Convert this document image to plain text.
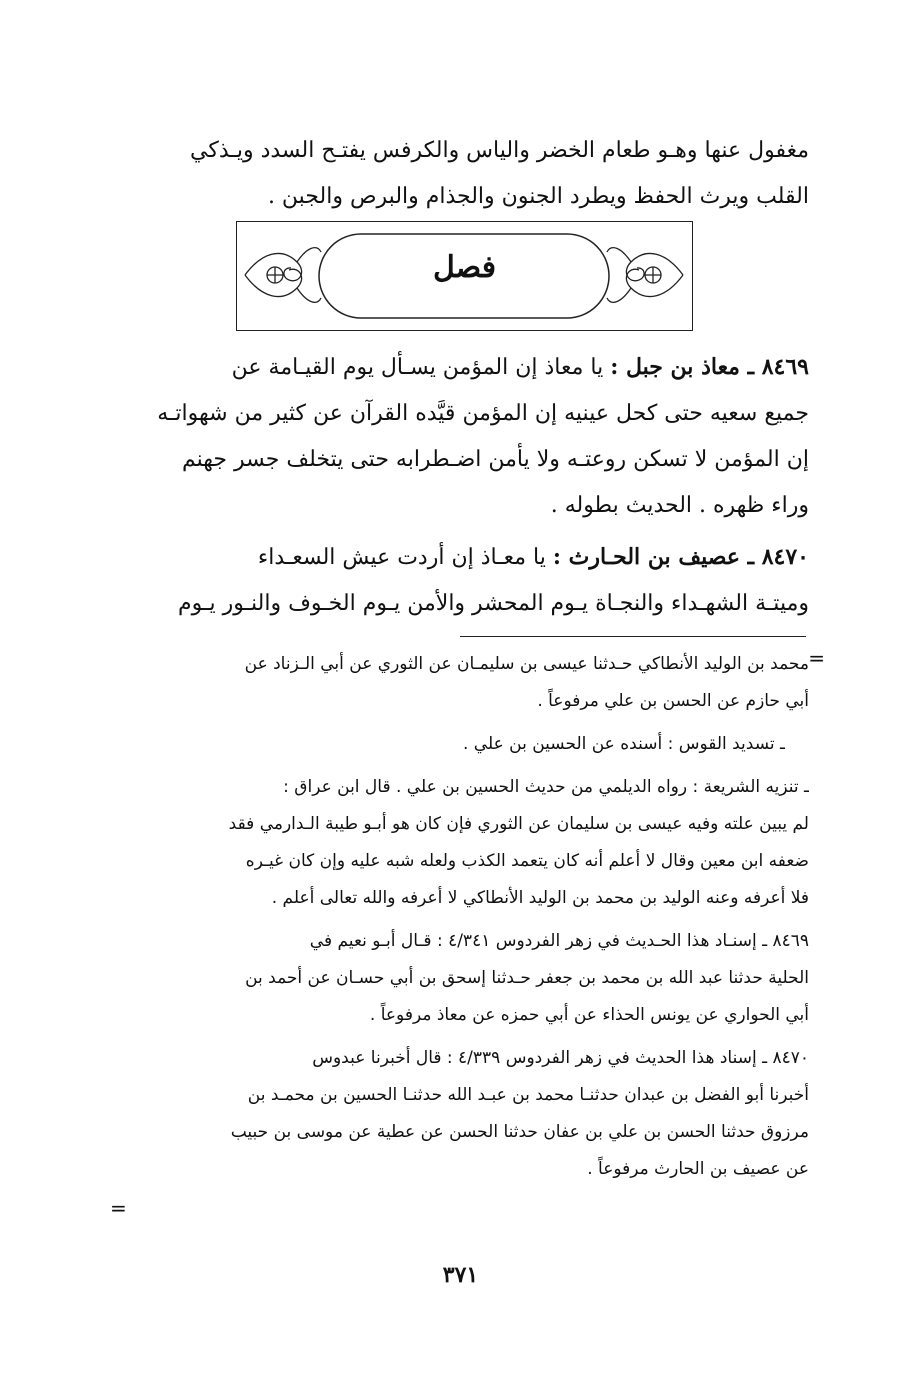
مغفول عنها وهـو طعام الخضر والياس والكرفس يفتـح السدد ويـذكي
القلب ويرث الحفظ ويطرد الجنون والجذام والبرص والجبن .
فصل
٨٤٦٩ ـ معاذ بن جبل : يا معاذ إن المؤمن يسـأل يوم القيـامة عن
جميع سعيه حتى كحل عينيه إن المؤمن قيَّده القرآن عن كثير من شهواتـه
إن المؤمن لا تسكن روعتـه ولا يأمن اضـطرابه حتى يتخلف جسر جهنم
وراء ظهره . الحديث بطوله .
٨٤٧٠ ـ عصيف بن الحـارث : يا معـاذ إن أردت عيش السعـداء
وميتـة الشهـداء والنجـاة يـوم المحشر والأمن يـوم الخـوف والنـور يـوم
=
محمد بن الوليد الأنطاكي حـدثنا عيسى بن سليمـان عن الثوري عن أبي الـزناد عن
أبي حازم عن الحسن بن علي مرفوعاً .
ـ تسديد القوس : أسنده عن الحسين بن علي .
ـ تنزيه الشريعة : رواه الديلمي من حديث الحسين بن علي . قال ابن عراق :
لم يبين علته وفيه عيسى بن سليمان عن الثوري فإن كان هو أبـو طيبة الـدارمي فقد
ضعفه ابن معين وقال لا أعلم أنه كان يتعمد الكذب ولعله شبه عليه وإن كان غيـره
فلا أعرفه وعنه الوليد بن محمد بن الوليد الأنطاكي لا أعرفه والله تعالى أعلم .
٨٤٦٩ ـ إسنـاد هذا الحـديث في زهر الفردوس ٤/٣٤١ : قـال أبـو نعيم في
الحلية حدثنا عبد الله بن محمد بن جعفر حـدثنا إسحق بن أبي حسـان عن أحمد بن
أبي الحواري عن يونس الحذاء عن أبي حمزه عن معاذ مرفوعاً .
٨٤٧٠ ـ إسناد هذا الحديث في زهر الفردوس ٤/٣٣٩ : قال أخبرنا عبدوس
أخبرنا أبو الفضل بن عبدان حدثنـا محمد بن عبـد الله حدثنـا الحسين بن محمـد بن
مرزوق حدثنا الحسن بن علي بن عفان حدثنا الحسن عن عطية عن موسى بن حبيب
عن عصيف بن الحارث مرفوعاً .
=
٣٧١
